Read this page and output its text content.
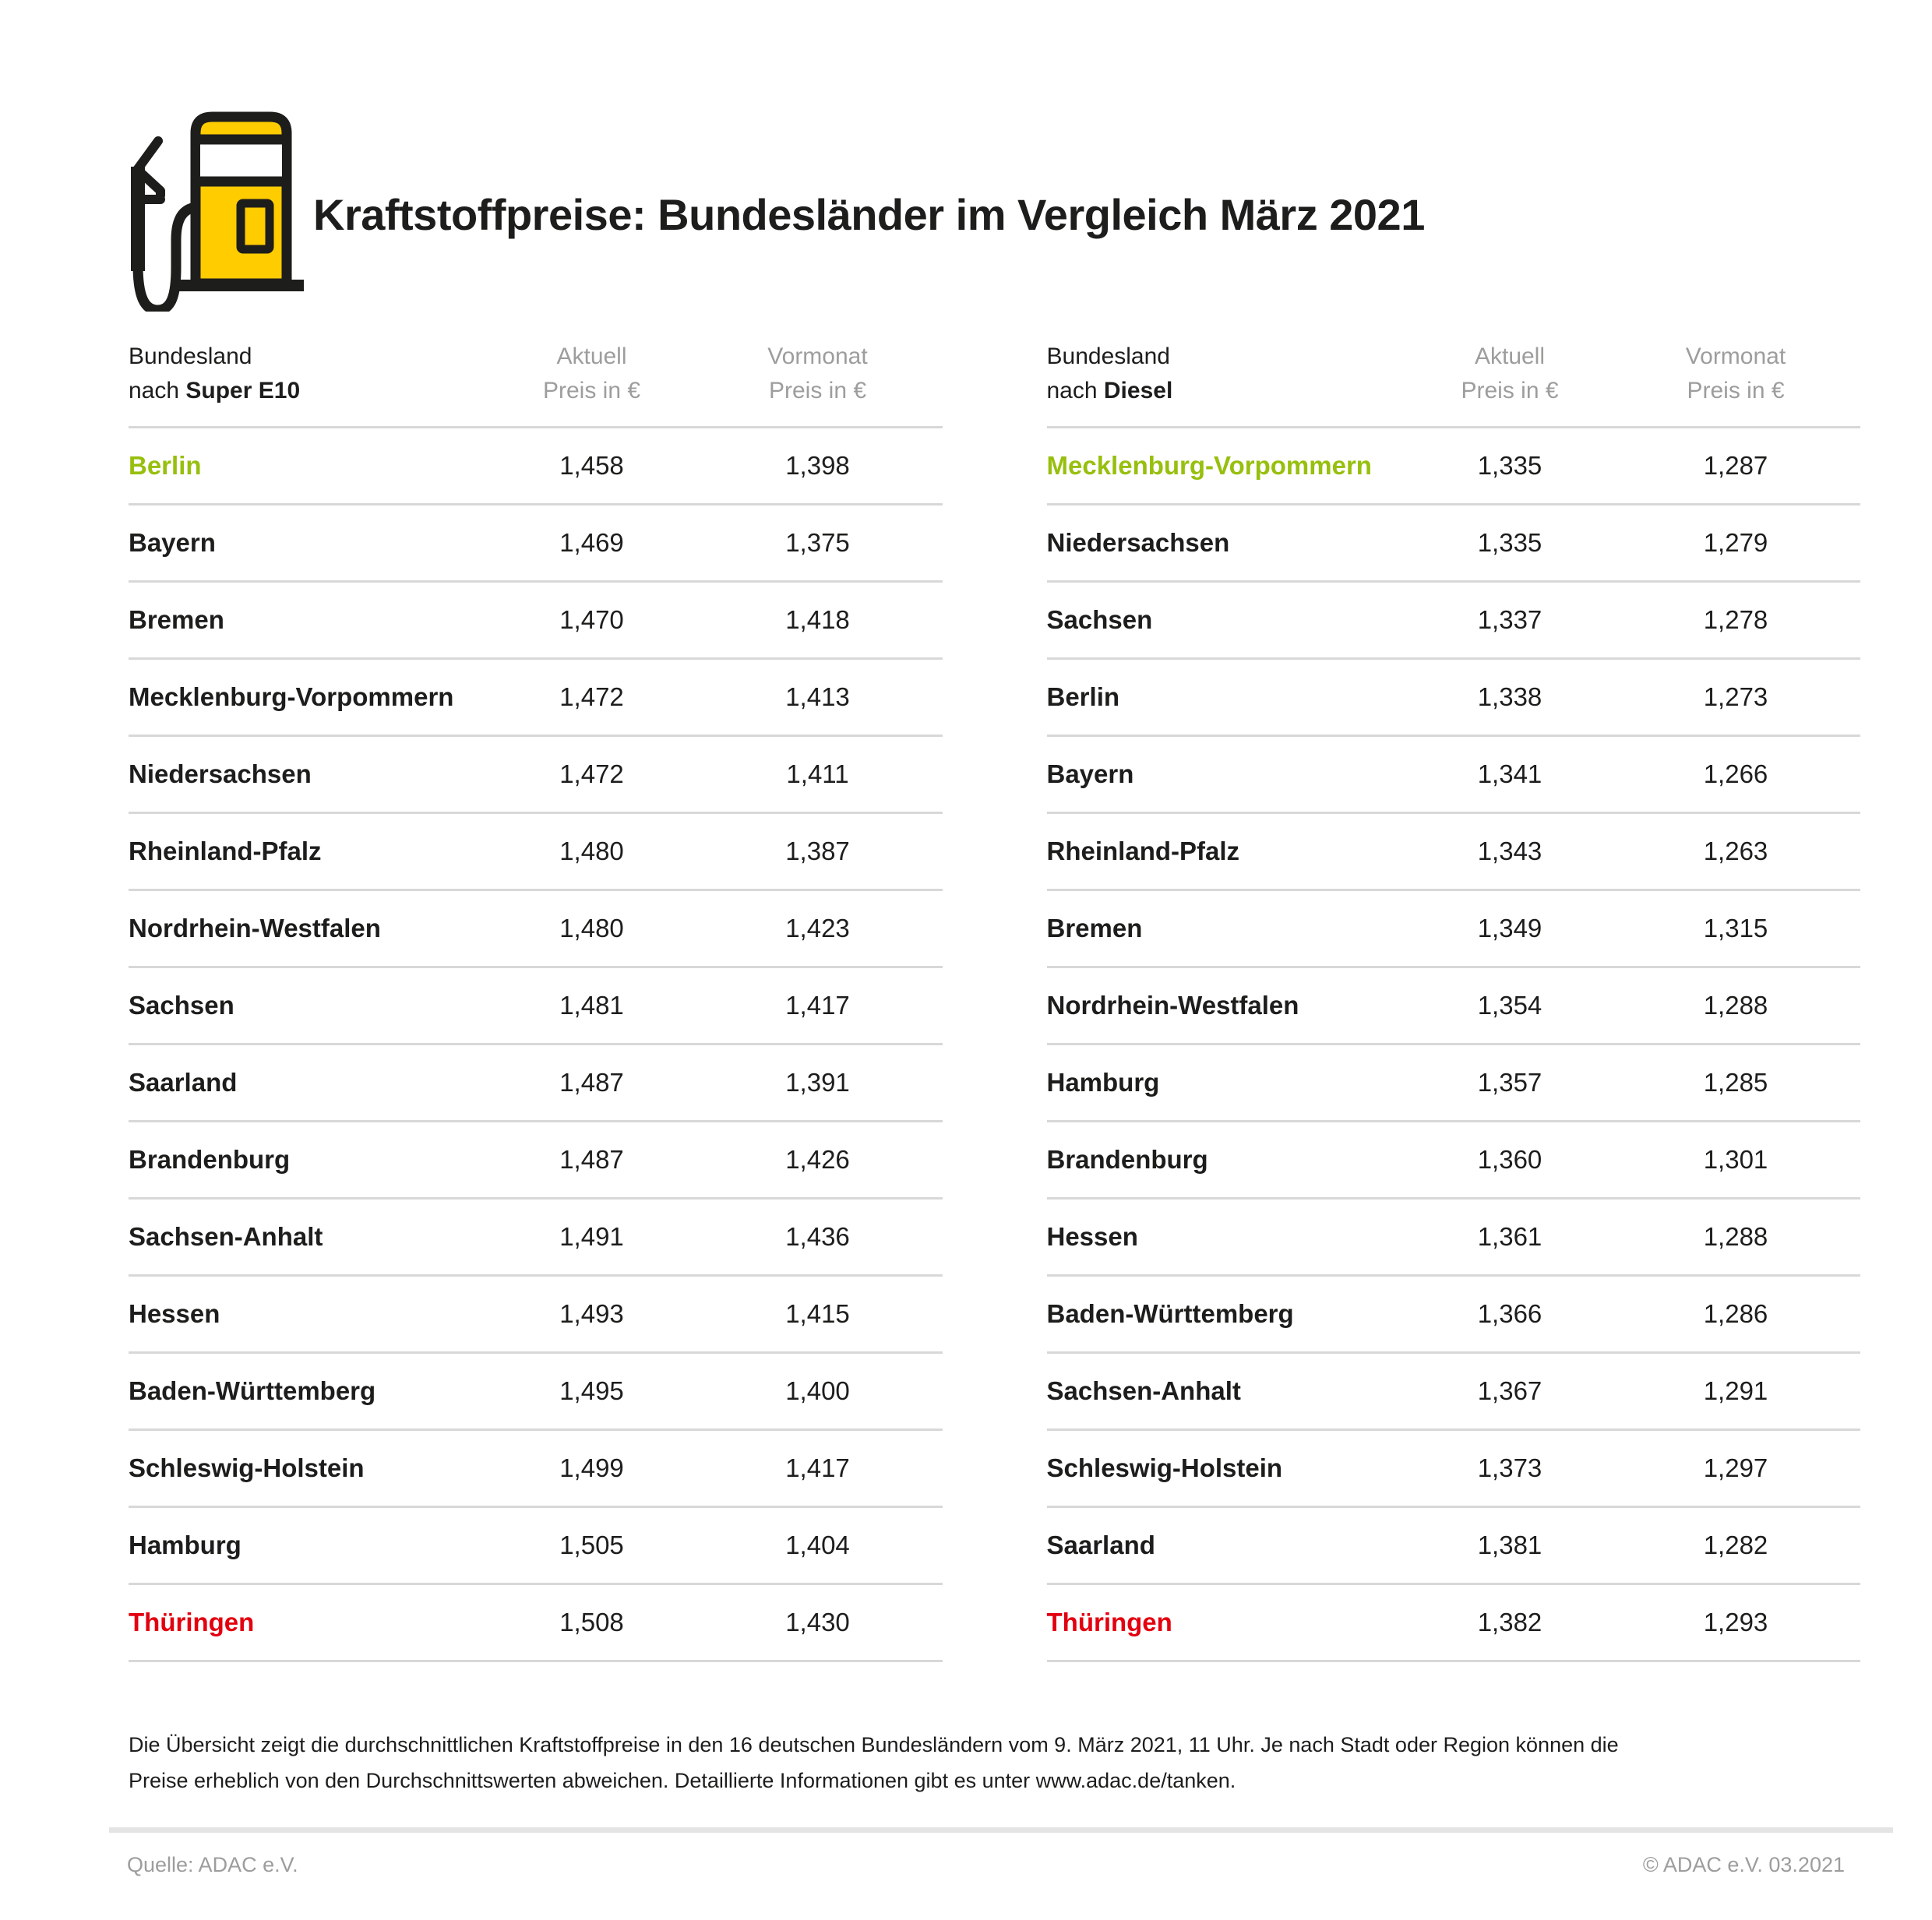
Kraftstoffpreise: Bundesländer im Vergleich März 2021
Bundesland
nach Super E10
Aktuell
Preis in €
Vormonat
Preis in €
Berlin	1,458	1,398
Bayern	1,469	1,375
Bremen	1,470	1,418
Mecklenburg-Vorpommern	1,472	1,413
Niedersachsen	1,472	1,411
Rheinland-Pfalz	1,480	1,387
Nordrhein-Westfalen	1,480	1,423
Sachsen	1,481	1,417
Saarland	1,487	1,391
Brandenburg	1,487	1,426
Sachsen-Anhalt	1,491	1,436
Hessen	1,493	1,415
Baden-Württemberg	1,495	1,400
Schleswig-Holstein	1,499	1,417
Hamburg	1,505	1,404
Thüringen	1,508	1,430
Bundesland
nach Diesel
Aktuell
Preis in €
Vormonat
Preis in €
Mecklenburg-Vorpommern	1,335	1,287
Niedersachsen	1,335	1,279
Sachsen	1,337	1,278
Berlin	1,338	1,273
Bayern	1,341	1,266
Rheinland-Pfalz	1,343	1,263
Bremen	1,349	1,315
Nordrhein-Westfalen	1,354	1,288
Hamburg	1,357	1,285
Brandenburg	1,360	1,301
Hessen	1,361	1,288
Baden-Württemberg	1,366	1,286
Sachsen-Anhalt	1,367	1,291
Schleswig-Holstein	1,373	1,297
Saarland	1,381	1,282
Thüringen	1,382	1,293

Die Übersicht zeigt die durchschnittlichen Kraftstoffpreise in den 16 deutschen Bundesländern vom 9. März 2021, 11 Uhr. Je nach Stadt oder Region können die
Preise erheblich von den Durchschnittswerten abweichen. Detaillierte Informationen gibt es unter www.adac.de/tanken.

Quelle: ADAC e.V.	© ADAC e.V. 03.2021
